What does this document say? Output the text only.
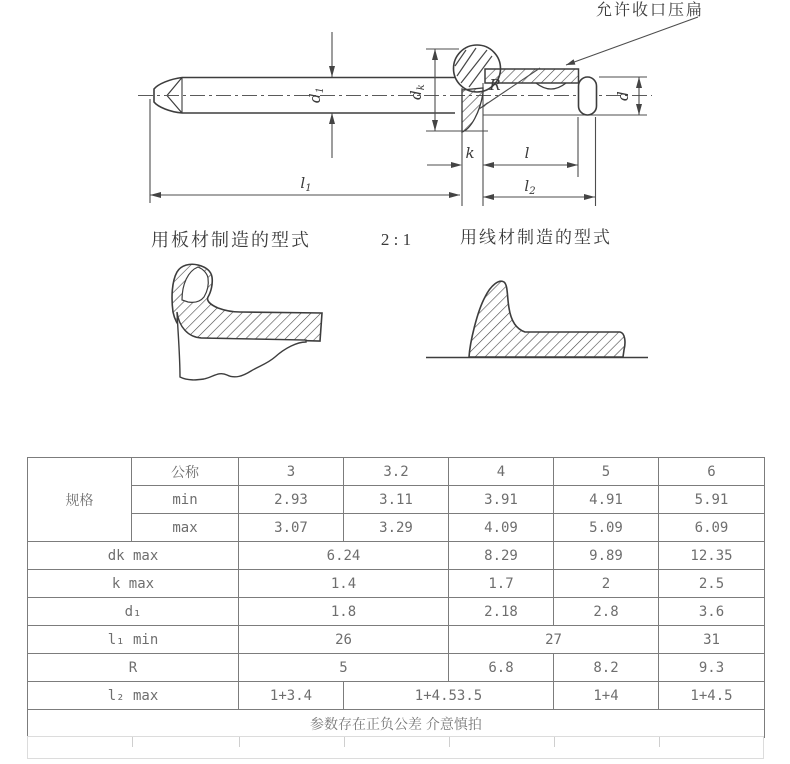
$d_1$
$l_1$
$d_k$
k	l
$l_2$
d
R
允许收口压扁
用板材制造的型式	2 : 1	用线材制造的型式
规格	公称	3	3.2	4	5	6
	min	2.93	3.11	3.91	4.91	5.91
	max	3.07	3.29	4.09	5.09	6.09
dk max		6.24		8.29	9.89	12.35
k max		1.4		1.7	2	2.5
d₁		1.8		2.18	2.8	3.6
l₁ min		26		27		31
R		5		6.8	8.2	9.3
l₂ max		1+3.4	1+4.53.5		1+4	1+4.5
参数存在正负公差 介意慎拍						
